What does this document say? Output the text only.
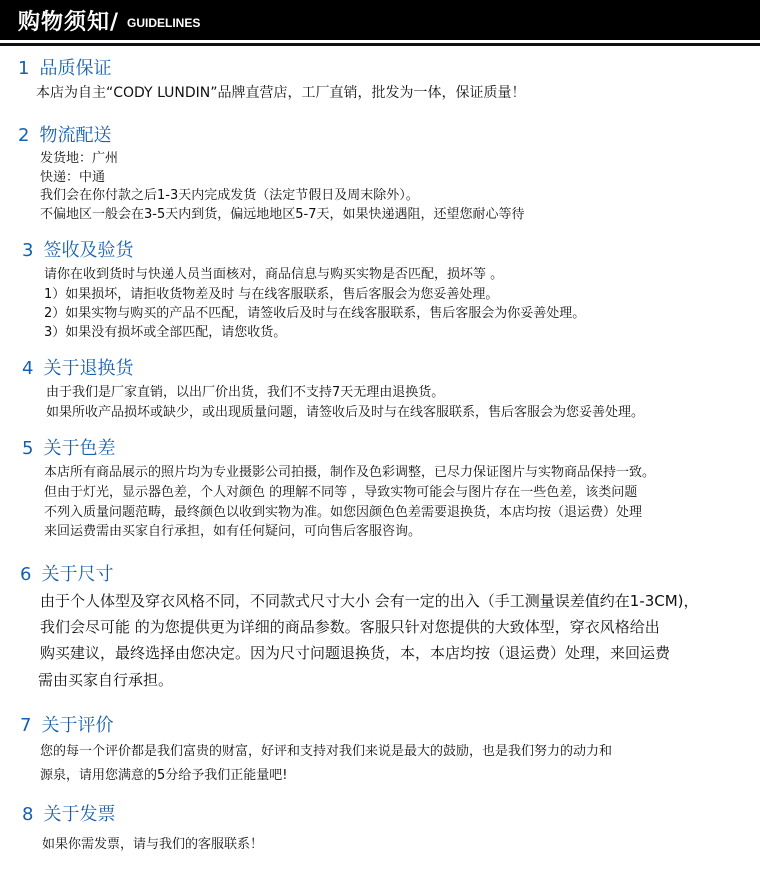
购物须知/ GUIDELINES
1 品质保证
本店为自主“CODY LUNDIN”品牌直营店，工厂直销，批发为一体，保证质量！
2 物流配送
发货地：广州
快递：中通
我们会在你付款之后1-3天内完成发货（法定节假日及周末除外）。
不偏地区一般会在3-5天内到货，偏远地地区5-7天，如果快递遇阻，还望您耐心等待
3 签收及验货
请你在收到货时与快递人员当面核对，商品信息与购买实物是否匹配，损坏等 。
1）如果损坏，请拒收货物差及时 与在线客服联系，售后客服会为您妥善处理。
2）如果实物与购买的产品不匹配，请签收后及时与在线客服联系，售后客服会为你妥善处理。
3）如果没有损坏或全部匹配，请您收货。
4 关于退换货
由于我们是厂家直销，以出厂价出货，我们不支持7天无理由退换货。
如果所收产品损坏或缺少，或出现质量问题，请签收后及时与在线客服联系，售后客服会为您妥善处理。
5 关于色差
本店所有商品展示的照片均为专业摄影公司拍摄，制作及色彩调整，已尽力保证图片与实物商品保持一致。
但由于灯光，显示器色差，个人对颜色 的理解不同等 ，导致实物可能会与图片存在一些色差，该类问题
不列入质量问题范畴，最终颜色以收到实物为准。如您因颜色色差需要退换货，本店均按（退运费）处理
来回运费需由买家自行承担，如有任何疑问，可向售后客服咨询。
6 关于尺寸
由于个人体型及穿衣风格不同，不同款式尺寸大小 会有一定的出入（手工测量误差值约在1-3CM)，
我们会尽可能 的为您提供更为详细的商品参数。客服只针对您提供的大致体型，穿衣风格给出
购买建议，最终选择由您决定。因为尺寸问题退换货，本，本店均按（退运费）处理，来回运费
需由买家自行承担。
7 关于评价
您的每一个评价都是我们富贵的财富，好评和支持对我们来说是最大的鼓励，也是我们努力的动力和
源泉，请用您满意的5分给予我们正能量吧!
8 关于发票
如果你需发票，请与我们的客服联系！
